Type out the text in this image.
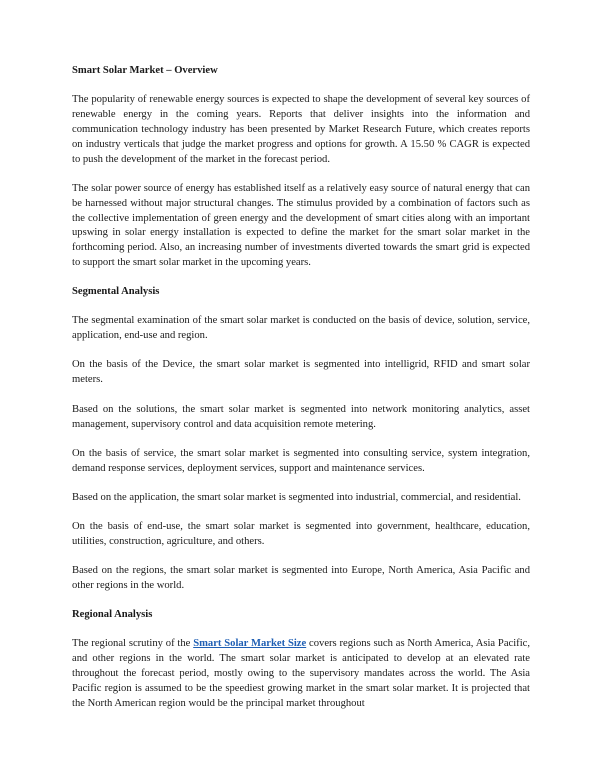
Smart Solar Market – Overview

The popularity of renewable energy sources is expected to shape the development of several key sources of renewable energy in the coming years. Reports that deliver insights into the information and communication technology industry has been presented by Market Research Future, which creates reports on industry verticals that judge the market progress and options for growth. A 15.50 % CAGR is expected to push the development of the market in the forecast period.

The solar power source of energy has established itself as a relatively easy source of natural energy that can be harnessed without major structural changes. The stimulus provided by a combination of factors such as the collective implementation of green energy and the development of smart cities along with an important upswing in solar energy installation is expected to define the market for the smart solar market in the forthcoming period. Also, an increasing number of investments diverted towards the smart grid is expected to support the smart solar market in the upcoming years.

Segmental Analysis

The segmental examination of the smart solar market is conducted on the basis of device, solution, service, application, end-use and region.

On the basis of the Device, the smart solar market is segmented into intelligrid, RFID and smart solar meters.

Based on the solutions, the smart solar market is segmented into network monitoring analytics, asset management, supervisory control and data acquisition remote metering.

On the basis of service, the smart solar market is segmented into consulting service, system integration, demand response services, deployment services, support and maintenance services.

Based on the application, the smart solar market is segmented into industrial, commercial, and residential.

On the basis of end-use, the smart solar market is segmented into government, healthcare, education, utilities, construction, agriculture, and others.

Based on the regions, the smart solar market is segmented into Europe, North America, Asia Pacific and other regions in the world.

Regional Analysis

The regional scrutiny of the Smart Solar Market Size covers regions such as North America, Asia Pacific, and other regions in the world. The smart solar market is anticipated to develop at an elevated rate throughout the forecast period, mostly owing to the supervisory mandates across the world. The Asia Pacific region is assumed to be the speediest growing market in the smart solar market. It is projected that the North American region would be the principal market throughout
